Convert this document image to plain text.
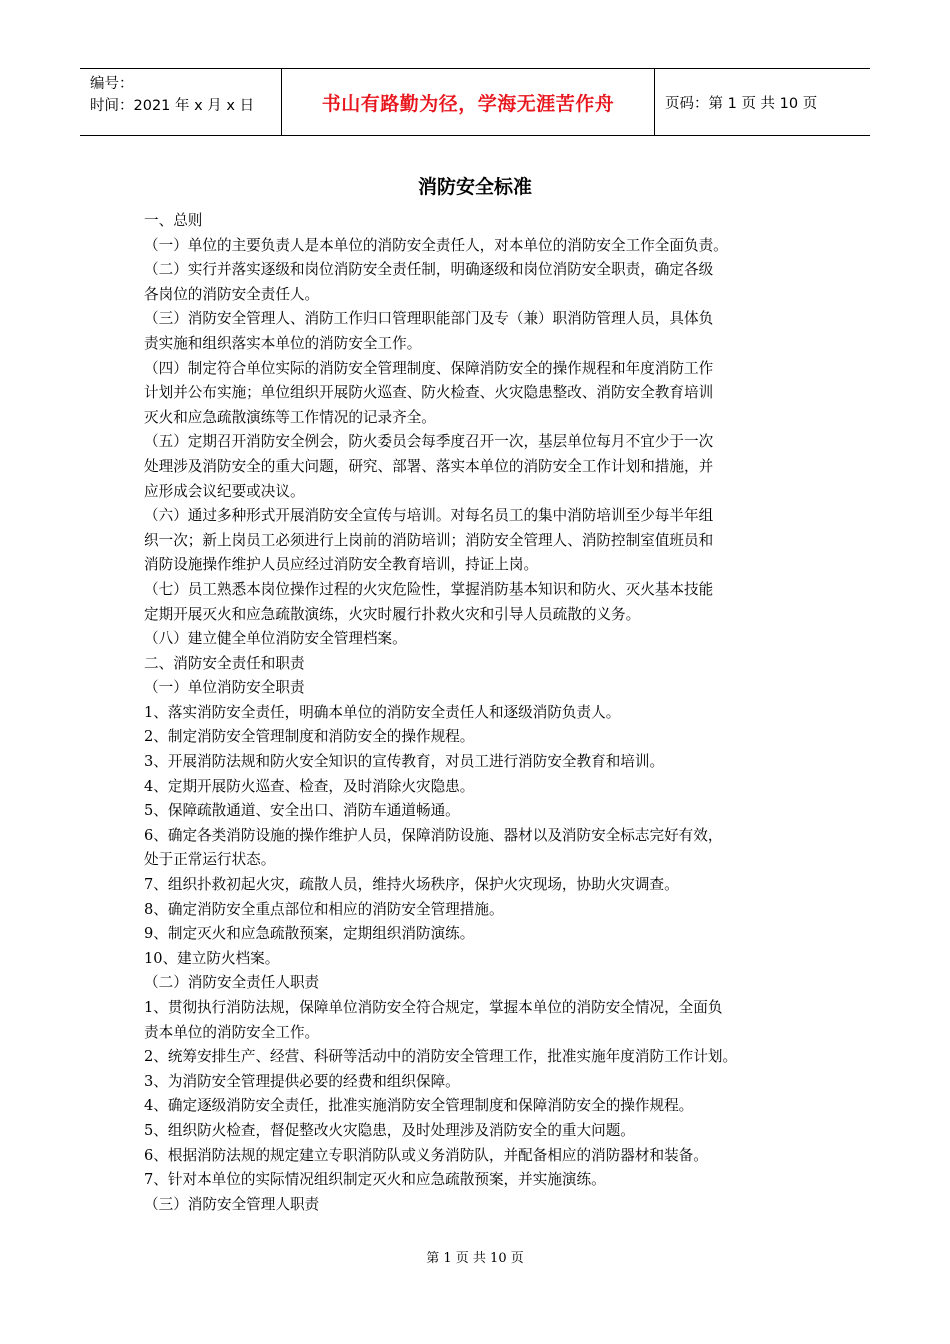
编号：
时间：2021 年 x 月 x 日	书山有路勤为径，学海无涯苦作舟	页码：第 1 页 共 10 页
消防安全标准
一、总则
（一）单位的主要负责人是本单位的消防安全责任人，对本单位的消防安全工作全面负责。
（二）实行并落实逐级和岗位消防安全责任制，明确逐级和岗位消防安全职责，确定各级
各岗位的消防安全责任人。
（三）消防安全管理人、消防工作归口管理职能部门及专（兼）职消防管理人员，具体负
责实施和组织落实本单位的消防安全工作。
（四）制定符合单位实际的消防安全管理制度、保障消防安全的操作规程和年度消防工作
计划并公布实施；单位组织开展防火巡查、防火检查、火灾隐患整改、消防安全教育培训
灭火和应急疏散演练等工作情况的记录齐全。
（五）定期召开消防安全例会，防火委员会每季度召开一次，基层单位每月不宜少于一次
处理涉及消防安全的重大问题，研究、部署、落实本单位的消防安全工作计划和措施，并
应形成会议纪要或决议。
（六）通过多种形式开展消防安全宣传与培训。对每名员工的集中消防培训至少每半年组
织一次；新上岗员工必须进行上岗前的消防培训；消防安全管理人、消防控制室值班员和
消防设施操作维护人员应经过消防安全教育培训，持证上岗。
（七）员工熟悉本岗位操作过程的火灾危险性，掌握消防基本知识和防火、灭火基本技能
定期开展灭火和应急疏散演练，火灾时履行扑救火灾和引导人员疏散的义务。
（八）建立健全单位消防安全管理档案。
二、消防安全责任和职责
（一）单位消防安全职责
1、落实消防安全责任，明确本单位的消防安全责任人和逐级消防负责人。
2、制定消防安全管理制度和消防安全的操作规程。
3、开展消防法规和防火安全知识的宣传教育，对员工进行消防安全教育和培训。
4、定期开展防火巡查、检查，及时消除火灾隐患。
5、保障疏散通道、安全出口、消防车通道畅通。
6、确定各类消防设施的操作维护人员，保障消防设施、器材以及消防安全标志完好有效，
处于正常运行状态。
7、组织扑救初起火灾，疏散人员，维持火场秩序，保护火灾现场，协助火灾调查。
8、确定消防安全重点部位和相应的消防安全管理措施。
9、制定灭火和应急疏散预案，定期组织消防演练。
10、建立防火档案。
（二）消防安全责任人职责
1、贯彻执行消防法规，保障单位消防安全符合规定，掌握本单位的消防安全情况，全面负
责本单位的消防安全工作。
2、统筹安排生产、经营、科研等活动中的消防安全管理工作，批准实施年度消防工作计划。
3、为消防安全管理提供必要的经费和组织保障。
4、确定逐级消防安全责任，批准实施消防安全管理制度和保障消防安全的操作规程。
5、组织防火检查，督促整改火灾隐患，及时处理涉及消防安全的重大问题。
6、根据消防法规的规定建立专职消防队或义务消防队，并配备相应的消防器材和装备。
7、针对本单位的实际情况组织制定灭火和应急疏散预案，并实施演练。
（三）消防安全管理人职责
第 1 页 共 10 页
